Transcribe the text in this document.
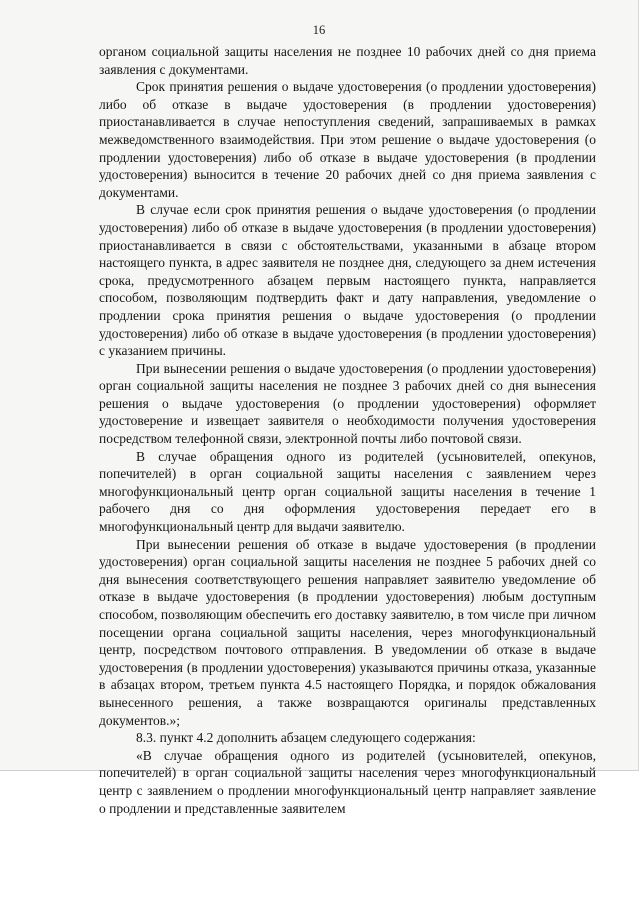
16

органом социальной защиты населения не позднее 10 рабочих дней со дня приема заявления с документами.

Срок принятия решения о выдаче удостоверения (о продлении удостоверения) либо об отказе в выдаче удостоверения (в продлении удостоверения) приостанавливается в случае непоступления сведений, запрашиваемых в рамках межведомственного взаимодействия. При этом решение о выдаче удостоверения (о продлении удостоверения) либо об отказе в выдаче удостоверения (в продлении удостоверения) выносится в течение 20 рабочих дней со дня приема заявления с документами.

В случае если срок принятия решения о выдаче удостоверения (о продлении удостоверения) либо об отказе в выдаче удостоверения (в продлении удостоверения) приостанавливается в связи с обстоятельствами, указанными в абзаце втором настоящего пункта, в адрес заявителя не позднее дня, следующего за днем истечения срока, предусмотренного абзацем первым настоящего пункта, направляется способом, позволяющим подтвердить факт и дату направления, уведомление о продлении срока принятия решения о выдаче удостоверения (о продлении удостоверения) либо об отказе в выдаче удостоверения (в продлении удостоверения) с указанием причины.

При вынесении решения о выдаче удостоверения (о продлении удостоверения) орган социальной защиты населения не позднее 3 рабочих дней со дня вынесения решения о выдаче удостоверения (о продлении удостоверения) оформляет удостоверение и извещает заявителя о необходимости получения удостоверения посредством телефонной связи, электронной почты либо почтовой связи.

В случае обращения одного из родителей (усыновителей, опекунов, попечителей) в орган социальной защиты населения с заявлением через многофункциональный центр орган социальной защиты населения в течение 1 рабочего дня со дня оформления удостоверения передает его в многофункциональный центр для выдачи заявителю.

При вынесении решения об отказе в выдаче удостоверения (в продлении удостоверения) орган социальной защиты населения не позднее 5 рабочих дней со дня вынесения соответствующего решения направляет заявителю уведомление об отказе в выдаче удостоверения (в продлении удостоверения) любым доступным способом, позволяющим обеспечить его доставку заявителю, в том числе при личном посещении органа социальной защиты населения, через многофункциональный центр, посредством почтового отправления. В уведомлении об отказе в выдаче удостоверения (в продлении удостоверения) указываются причины отказа, указанные в абзацах втором, третьем пункта 4.5 настоящего Порядка, и порядок обжалования вынесенного решения, а также возвращаются оригиналы представленных документов.»;

8.3. пункт 4.2 дополнить абзацем следующего содержания:

«В случае обращения одного из родителей (усыновителей, опекунов, попечителей) в орган социальной защиты населения через многофункциональный центр с заявлением о продлении многофункциональный центр направляет заявление о продлении и представленные заявителем
